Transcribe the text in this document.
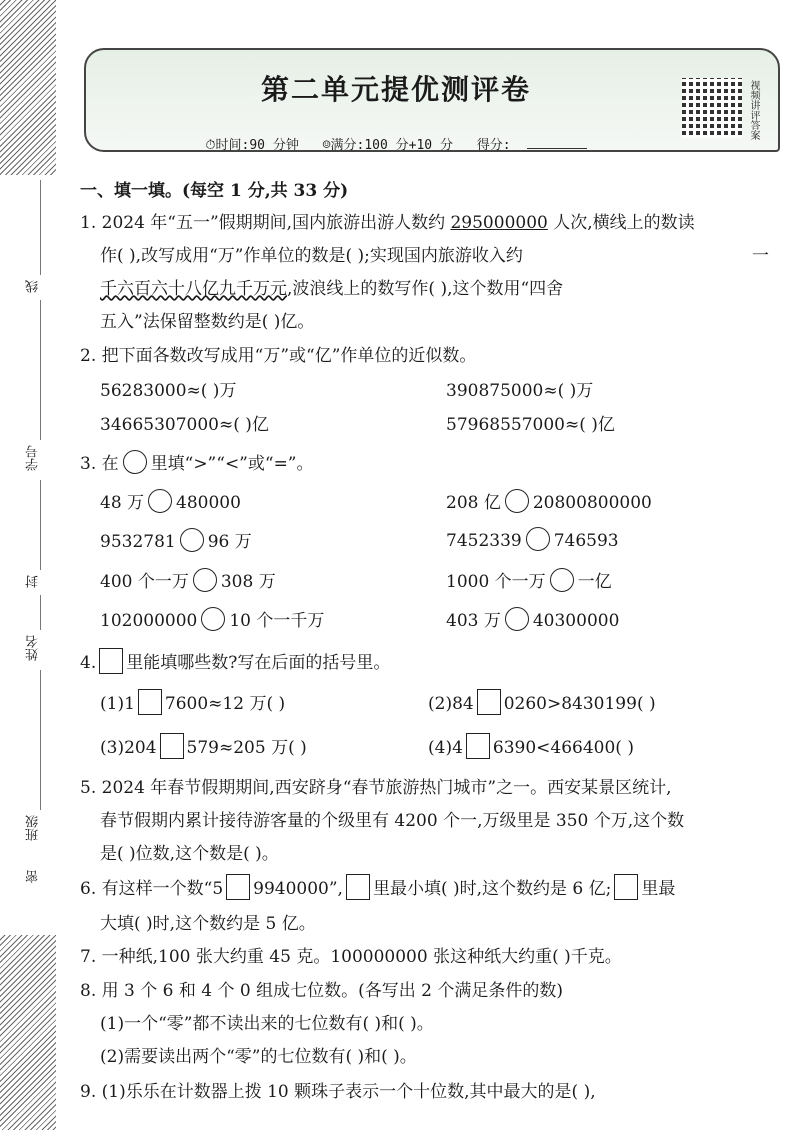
线
学号
封
姓名
班级
密
第二单元提优测评卷
⏱时间:90 分钟 ☺满分:100 分+10 分 得分:
视频讲评答案
一、填一填。(每空 1 分,共 33 分)
1. 2024 年“五一”假期期间,国内旅游出游人数约 295000000 人次,横线上的数读
作( ),改写成用“万”作单位的数是( );实现国内旅游收入约
千六百六十八亿九千万元,波浪线上的数写作( ),这个数用“四舍
一
五入”法保留整数约是( )亿。
2. 把下面各数改写成用“万”或“亿”作单位的近似数。
56283000≈( )万	390875000≈( )万
34665307000≈( )亿	57968557000≈( )亿
3. 在 里填“>”“<”或“=”。
48 万 480000	208 亿 20800800000
9532781 96 万	7452339 746593
400 个一万 308 万	1000 个一万 一亿
102000000 10 个一千万	403 万 40300000
4. 里能填哪些数?写在后面的括号里。
(1)1 7600≈12 万( )	(2)84 0260>8430199( )
(3)204 579≈205 万( )	(4)4 6390<466400( )
5. 2024 年春节假期期间,西安跻身“春节旅游热门城市”之一。西安某景区统计,
春节假期内累计接待游客量的个级里有 4200 个一,万级里是 350 个万,这个数
是( )位数,这个数是( )。
6. 有这样一个数“5 9940000”, 里最小填( )时,这个数约是 6 亿; 里最
大填( )时,这个数约是 5 亿。
7. 一种纸,100 张大约重 45 克。100000000 张这种纸大约重( )千克。
8. 用 3 个 6 和 4 个 0 组成七位数。(各写出 2 个满足条件的数)
(1)一个“零”都不读出来的七位数有( )和( )。
(2)需要读出两个“零”的七位数有( )和( )。
9. (1)乐乐在计数器上拨 10 颗珠子表示一个十位数,其中最大的是( ),
